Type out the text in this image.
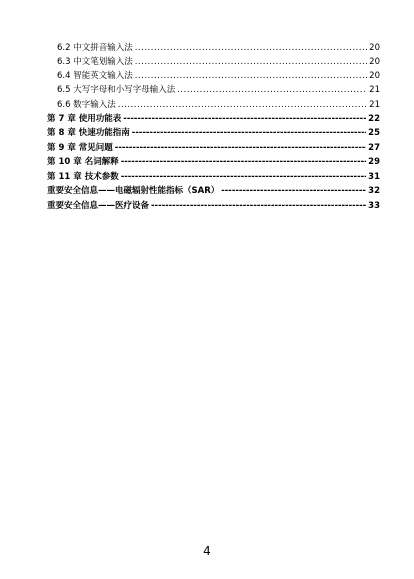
6.2 中文拼音输入法 .....	20
6.3 中文笔划输入法 .....	20
6.4 智能英文输入法 .....	20
6.5 大写字母和小写字母输入法 .....	21
6.6 数字输入法 .....	21
第 7 章 使用功能表 -----	22
第 8 章 快速功能指南 -----	25
第 9 章 常见问题 -----	27
第 10 章 名词解释 -----	29
第 11 章 技术参数 -----	31
重要安全信息——电磁辐射性能指标（SAR） -----	32
重要安全信息——医疗设备 -----	33
4
